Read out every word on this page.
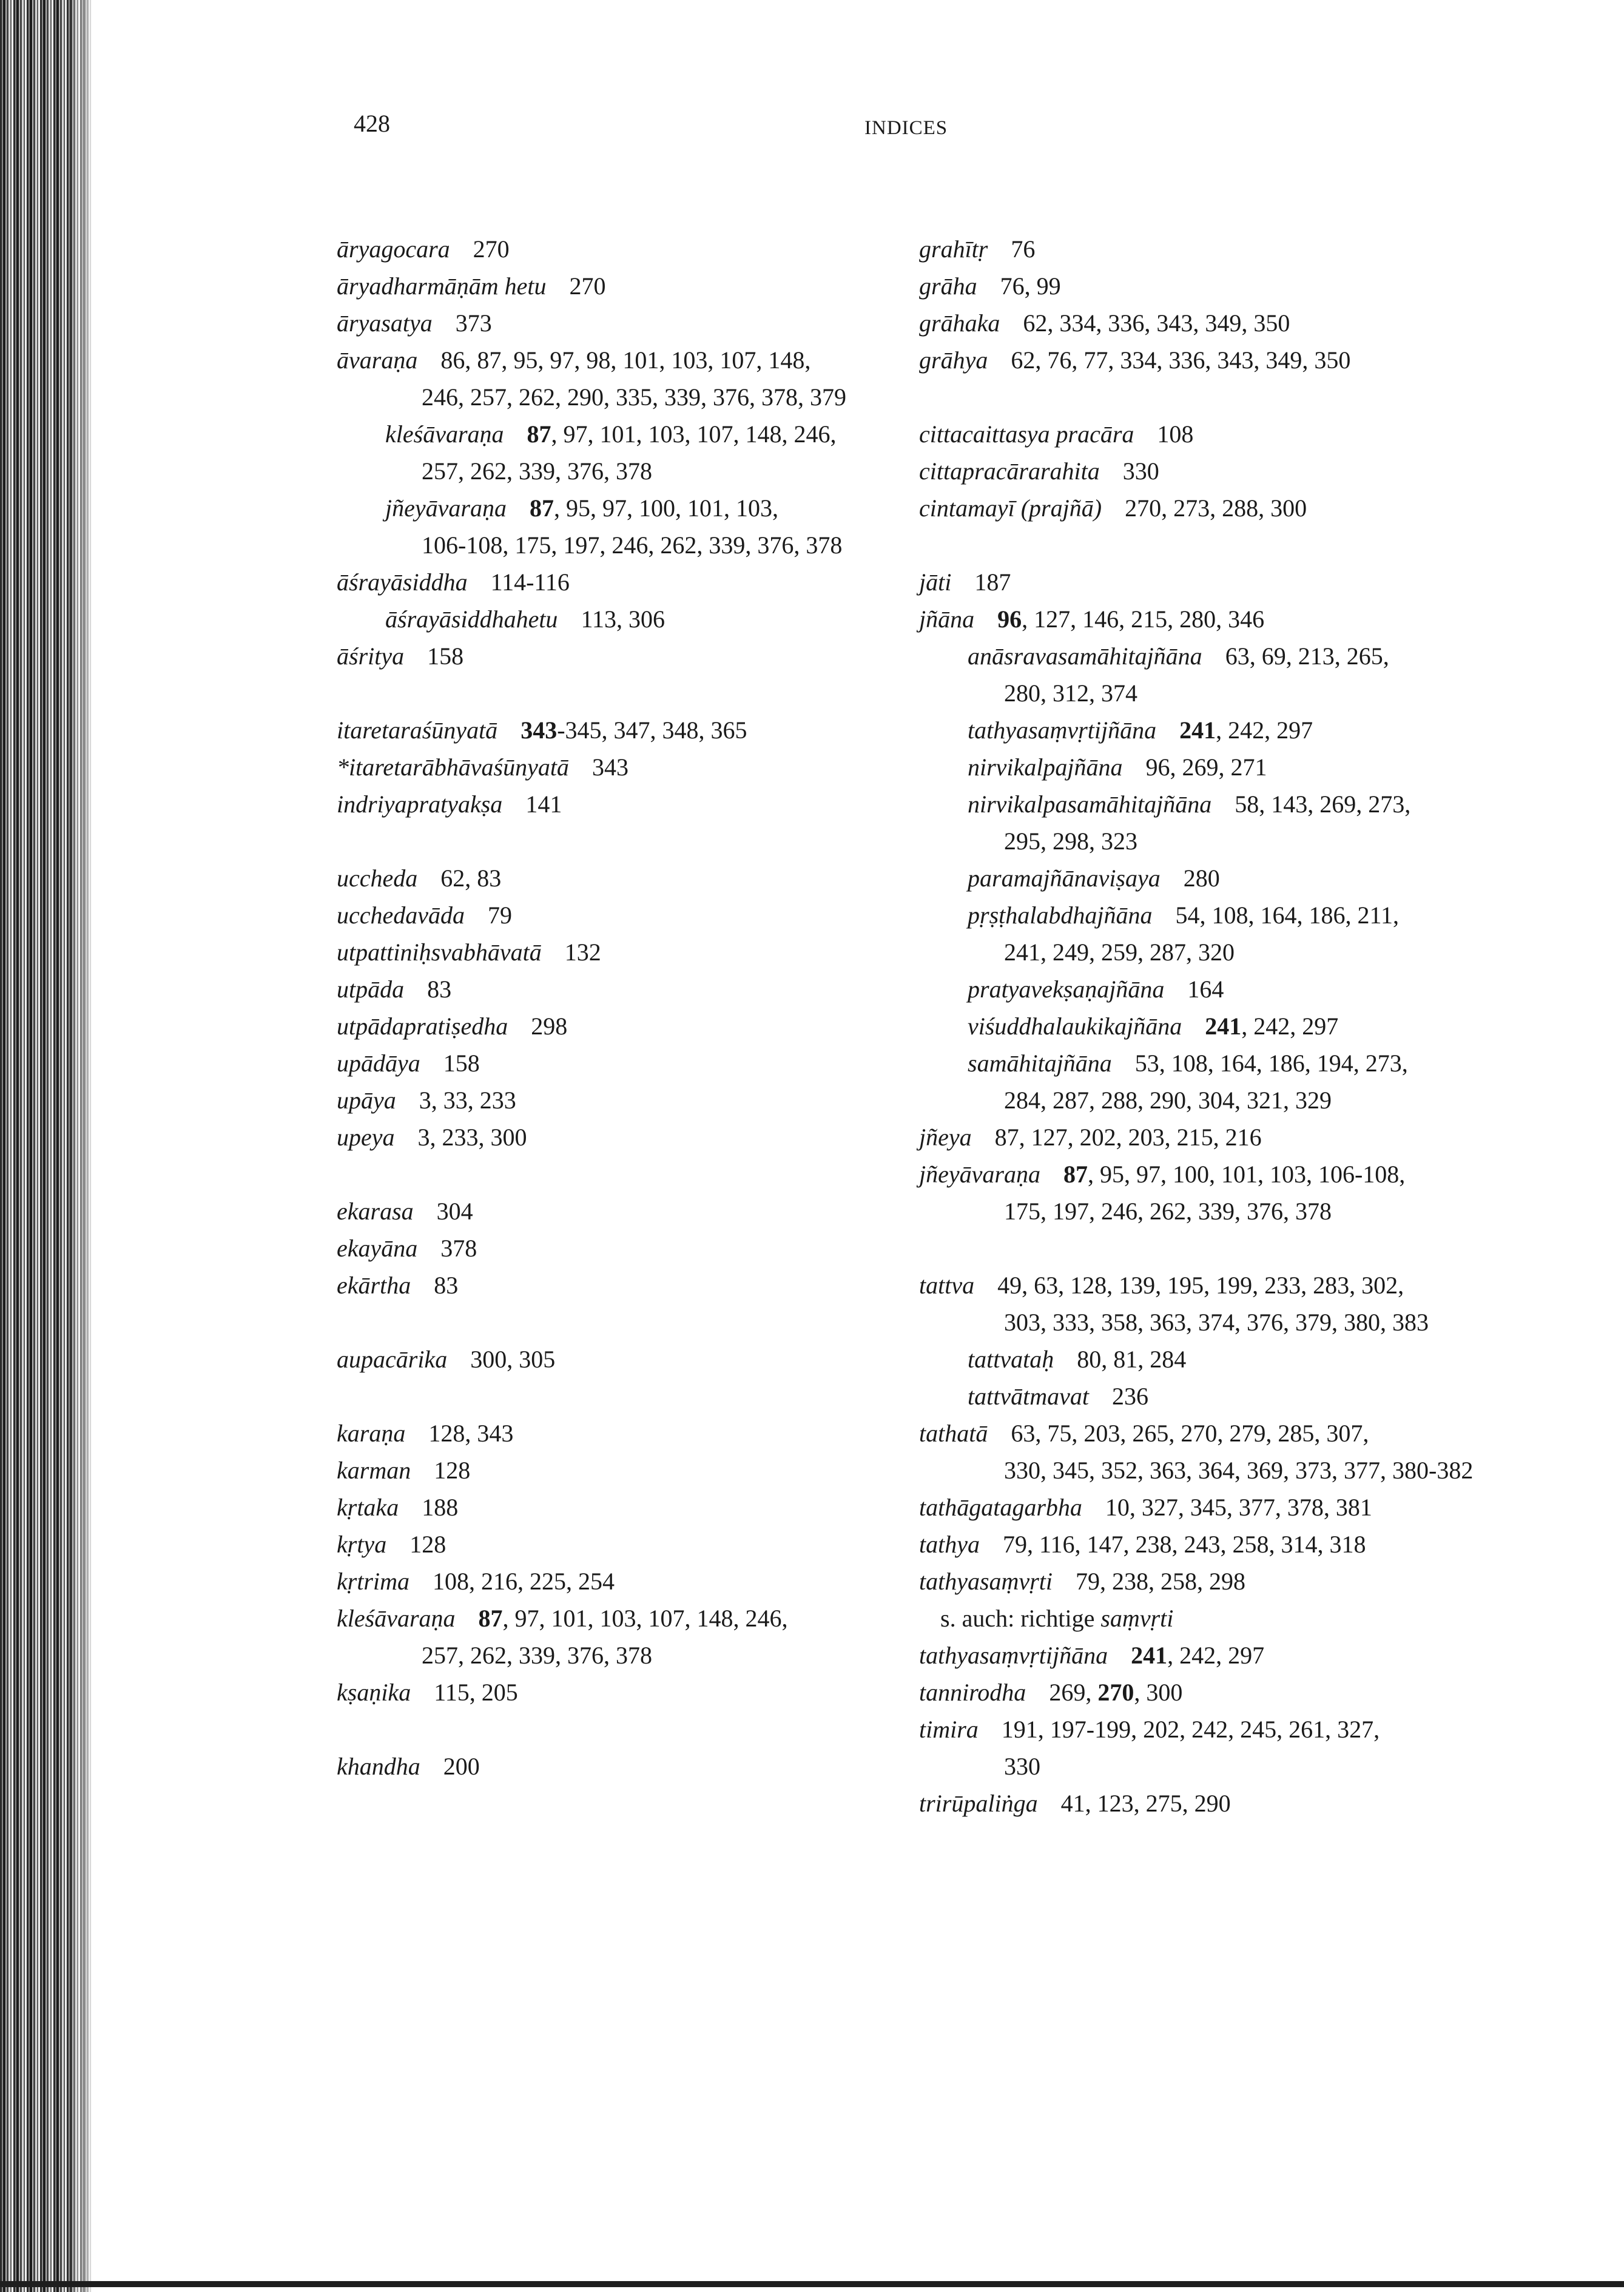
428	INDICES
āryagocara 270
āryadharmāṇām hetu 270
āryasatya 373
āvaraṇa 86, 87, 95, 97, 98, 101, 103, 107, 148,
246, 257, 262, 290, 335, 339, 376, 378, 379
kleśāvaraṇa 87, 97, 101, 103, 107, 148, 246,
257, 262, 339, 376, 378
jñeyāvaraṇa 87, 95, 97, 100, 101, 103,
106-108, 175, 197, 246, 262, 339, 376, 378
āśrayāsiddha 114-116
āśrayāsiddhahetu 113, 306
āśritya 158
itaretaraśūnyatā 343-345, 347, 348, 365
*itaretarābhāvaśūnyatā 343
indriyapratyakṣa 141
uccheda 62, 83
ucchedavāda 79
utpattiniḥsvabhāvatā 132
utpāda 83
utpādapratiṣedha 298
upādāya 158
upāya 3, 33, 233
upeya 3, 233, 300
ekarasa 304
ekayāna 378
ekārtha 83
aupacārika 300, 305
karaṇa 128, 343
karman 128
kṛtaka 188
kṛtya 128
kṛtrima 108, 216, 225, 254
kleśāvaraṇa 87, 97, 101, 103, 107, 148, 246,
257, 262, 339, 376, 378
kṣaṇika 115, 205
khandha 200
grahītṛ 76
grāha 76, 99
grāhaka 62, 334, 336, 343, 349, 350
grāhya 62, 76, 77, 334, 336, 343, 349, 350
cittacaittasya pracāra 108
cittapracārarahita 330
cintamayī (prajñā) 270, 273, 288, 300
jāti 187
jñāna 96, 127, 146, 215, 280, 346
anāsravasamāhitajñāna 63, 69, 213, 265,
280, 312, 374
tathyasaṃvṛtijñāna 241, 242, 297
nirvikalpajñāna 96, 269, 271
nirvikalpasamāhitajñāna 58, 143, 269, 273,
295, 298, 323
paramajñānaviṣaya 280
pṛṣṭhalabdhajñāna 54, 108, 164, 186, 211,
241, 249, 259, 287, 320
pratyavekṣaṇajñāna 164
viśuddhalaukikajñāna 241, 242, 297
samāhitajñāna 53, 108, 164, 186, 194, 273,
284, 287, 288, 290, 304, 321, 329
jñeya 87, 127, 202, 203, 215, 216
jñeyāvaraṇa 87, 95, 97, 100, 101, 103, 106-108,
175, 197, 246, 262, 339, 376, 378
tattva 49, 63, 128, 139, 195, 199, 233, 283, 302,
303, 333, 358, 363, 374, 376, 379, 380, 383
tattvataḥ 80, 81, 284
tattvātmavat 236
tathatā 63, 75, 203, 265, 270, 279, 285, 307,
330, 345, 352, 363, 364, 369, 373, 377, 380-382
tathāgatagarbha 10, 327, 345, 377, 378, 381
tathya 79, 116, 147, 238, 243, 258, 314, 318
tathyasaṃvṛti 79, 238, 258, 298
s. auch: richtige saṃvṛti
tathyasaṃvṛtijñāna 241, 242, 297
tannirodha 269, 270, 300
timira 191, 197-199, 202, 242, 245, 261, 327,
330
trirūpaliṅga 41, 123, 275, 290
